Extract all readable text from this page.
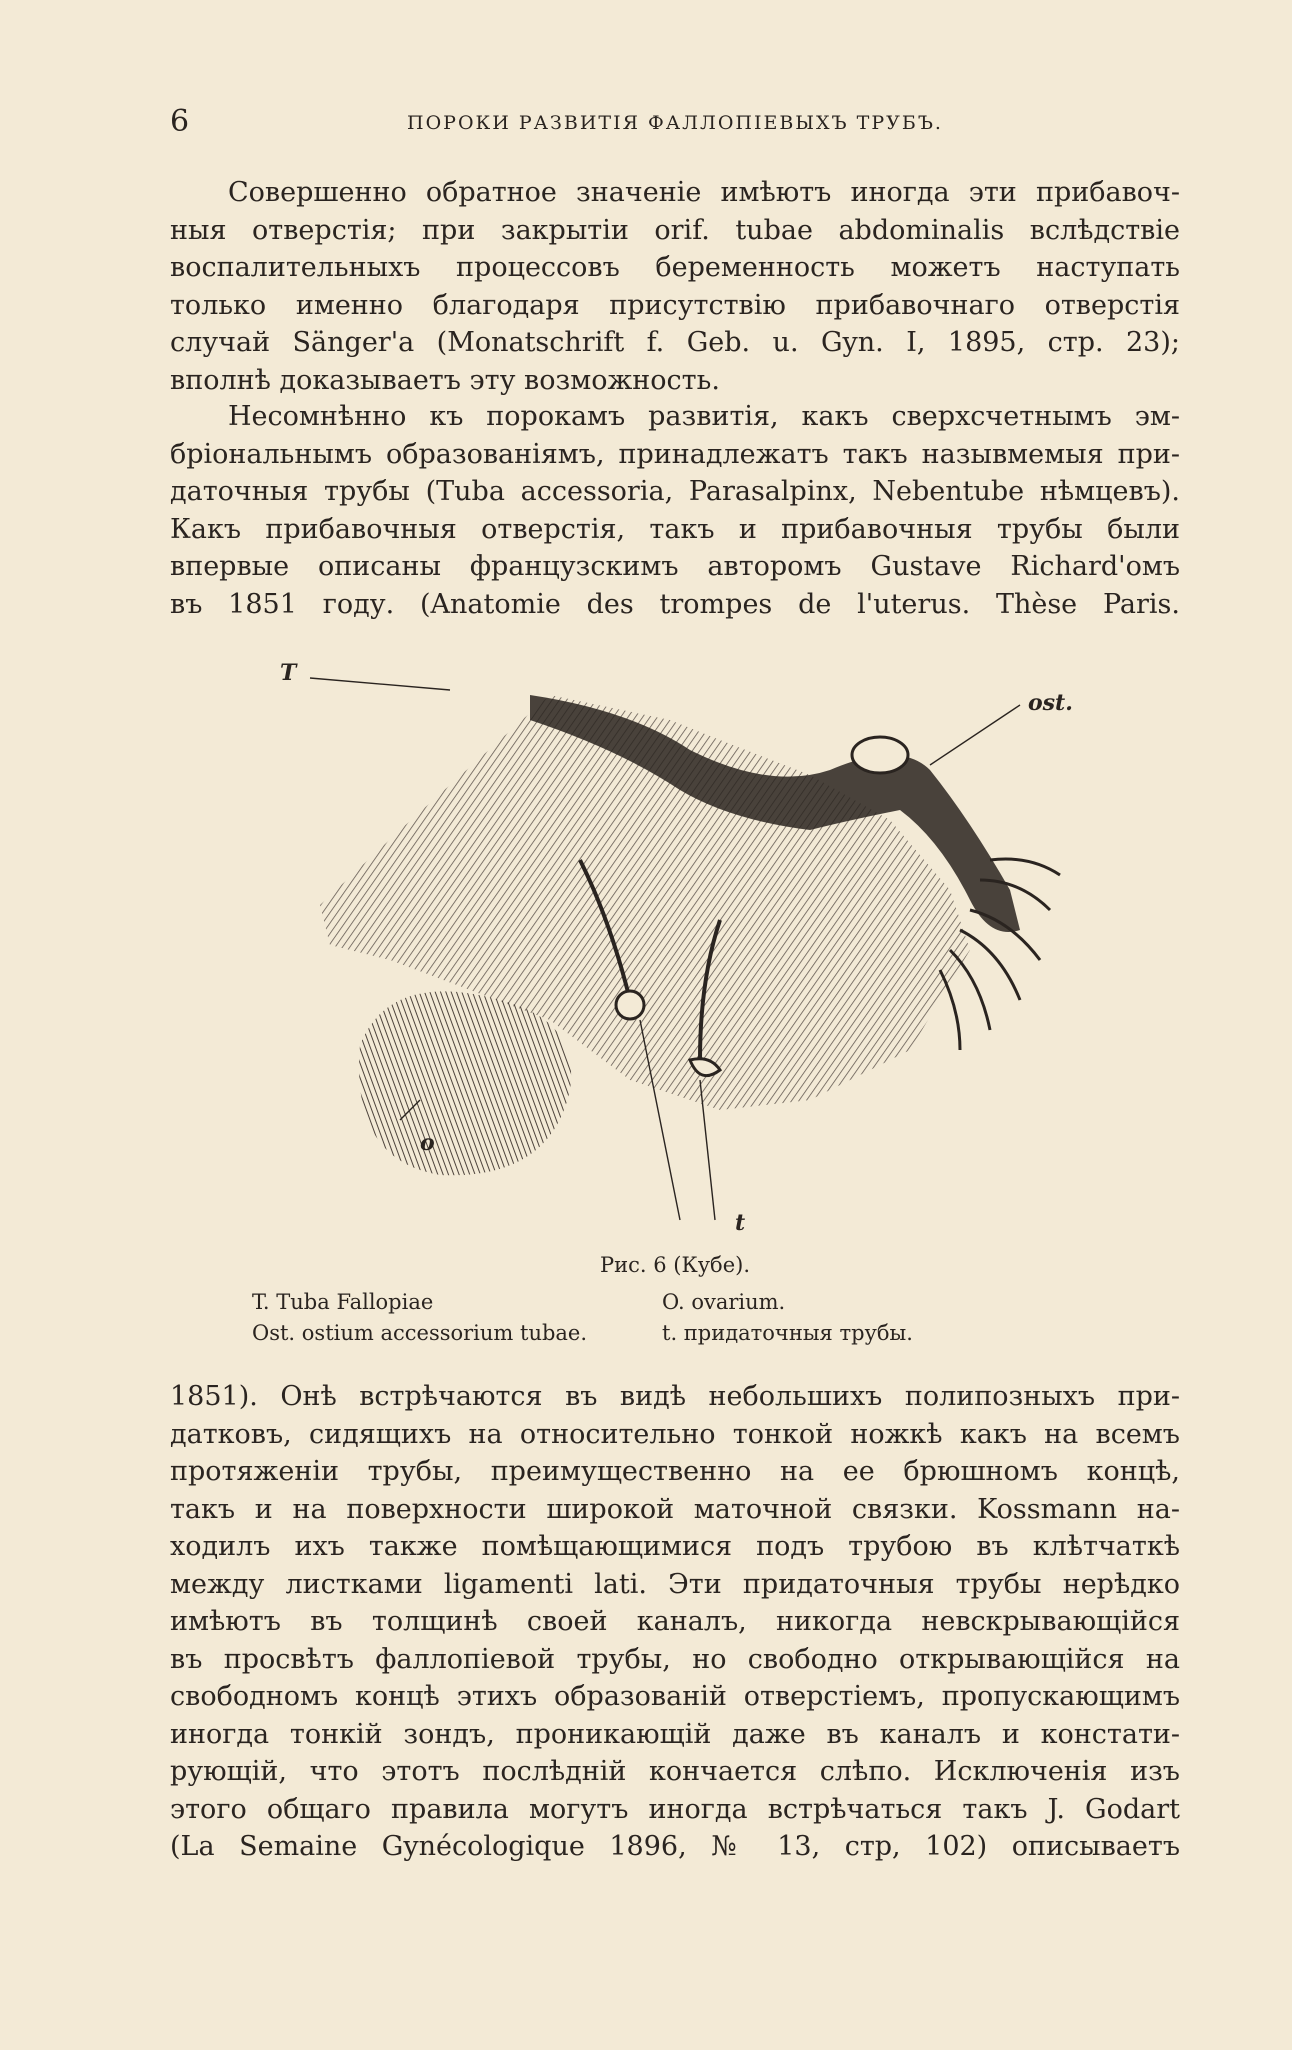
6	ПОРОКИ РАЗВИТІЯ ФАЛЛОПІЕВЫХЪ ТРУБЪ.
Совершенно обратное значеніе имѣютъ иногда эти прибавоч-
ныя отверстія; при закрытіи orif. tubae abdominalis вслѣдствіе
воспалительныхъ процессовъ беременность можетъ наступать
только именно благодаря присутствію прибавочнаго отверстія
случай Sänger'a (Monatschrift f. Geb. u. Gyn. I, 1895, стр. 23);
вполнѣ доказываетъ эту возможность.
Несомнѣнно къ порокамъ развитія, какъ сверхсчетнымъ эм-
бріональнымъ образованіямъ, принадлежатъ такъ назывмемыя при-
даточныя трубы (Tuba accessoria, Parasalpinx, Nebentube нѣмцевъ).
Какъ прибавочныя отверстія, такъ и прибавочныя трубы были
впервые описаны французскимъ авторомъ Gustave Richard'омъ
въ 1851 году. (Anatomie des trompes de l'uterus. Thèse Paris.
T
ost.
o
t
Рис. 6 (Кубе).
T. Tuba Falloрiae
Ost. ostium accessorium tubae.
O. ovarium.
t. придаточныя трубы.
1851). Онѣ встрѣчаются въ видѣ небольшихъ полипозныхъ при-
датковъ, сидящихъ на относительно тонкой ножкѣ какъ на всемъ
протяженіи трубы, преимущественно на ее брюшномъ концѣ,
такъ и на поверхности широкой маточной связки. Kossmann на-
ходилъ ихъ также помѣщающимися подъ трубою въ клѣтчаткѣ
между листками ligamenti lati. Эти придаточныя трубы нерѣдко
имѣютъ въ толщинѣ своей каналъ, никогда невскрывающійся
въ просвѣтъ фаллопіевой трубы, но свободно открывающійся на
свободномъ концѣ этихъ образованій отверстіемъ, пропускающимъ
иногда тонкій зондъ, проникающій даже въ каналъ и констати-
рующій, что этотъ послѣдній кончается слѣпо. Исключенія изъ
этого общаго правила могутъ иногда встрѣчаться такъ J. Godart
(La Semaine Gynécologique 1896, № 13, стр, 102) описываетъ
